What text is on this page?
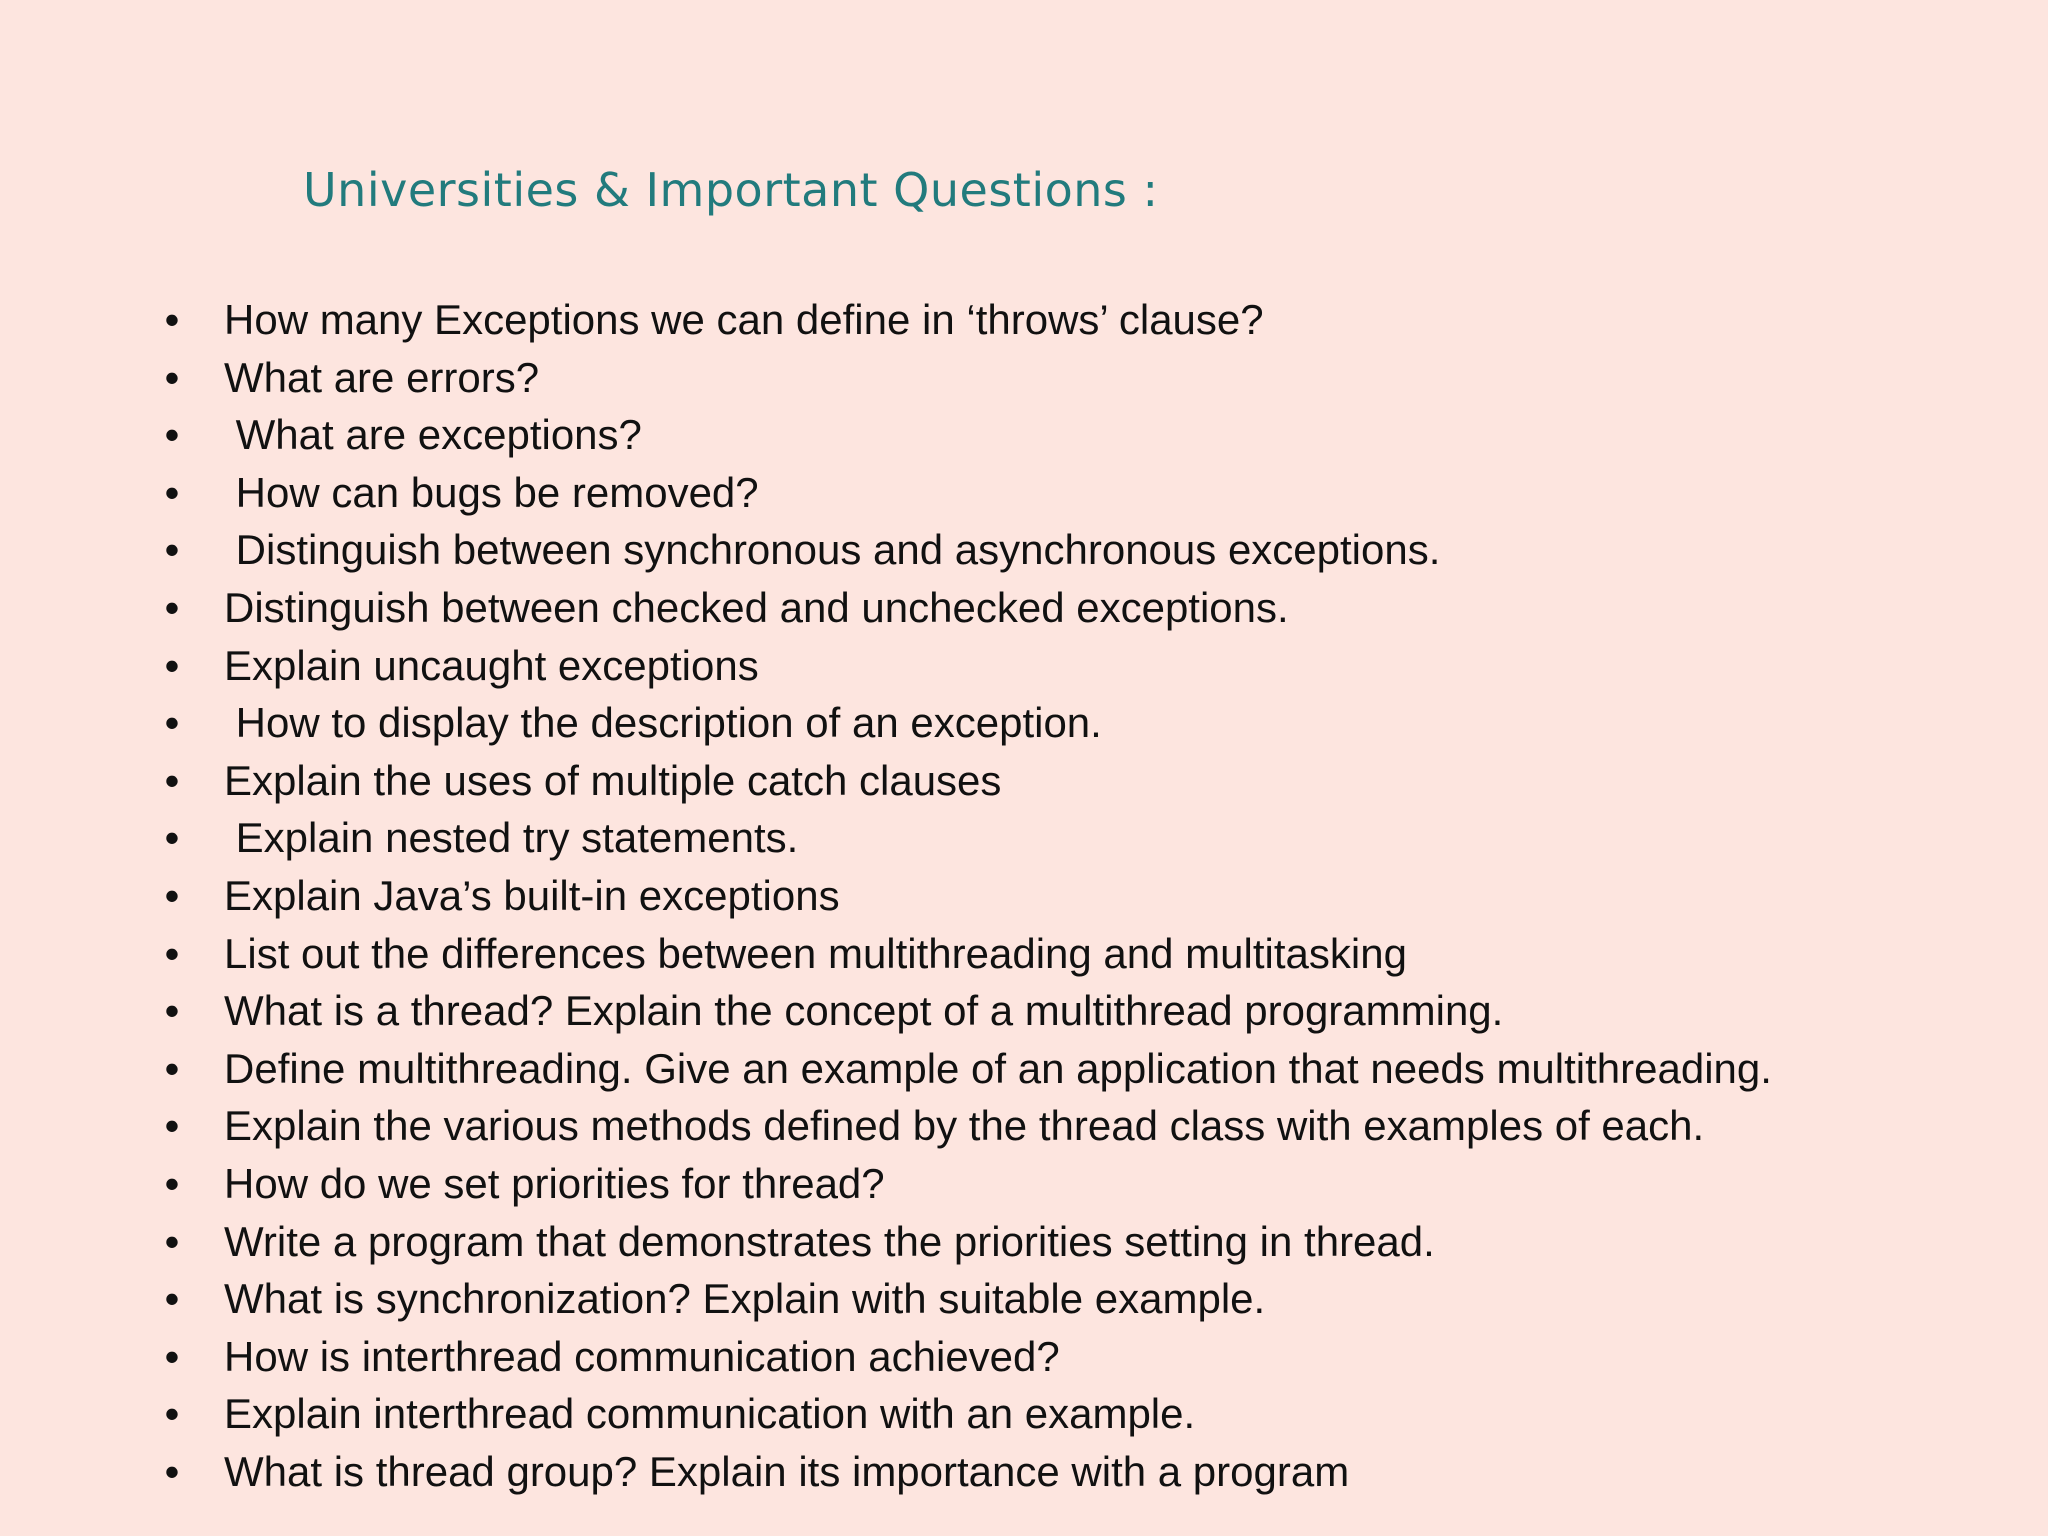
Universities & Important Questions :
• How many Exceptions we can define in ‘throws’ clause?
• What are errors?
• What are exceptions?
• How can bugs be removed?
• Distinguish between synchronous and asynchronous exceptions.
• Distinguish between checked and unchecked exceptions.
• Explain uncaught exceptions
• How to display the description of an exception.
• Explain the uses of multiple catch clauses
• Explain nested try statements.
• Explain Java’s built-in exceptions
• List out the differences between multithreading and multitasking
• What is a thread? Explain the concept of a multithread programming.
• Define multithreading. Give an example of an application that needs multithreading.
• Explain the various methods defined by the thread class with examples of each.
• How do we set priorities for thread?
• Write a program that demonstrates the priorities setting in thread.
• What is synchronization? Explain with suitable example.
• How is interthread communication achieved?
• Explain interthread communication with an example.
• What is thread group? Explain its importance with a program
